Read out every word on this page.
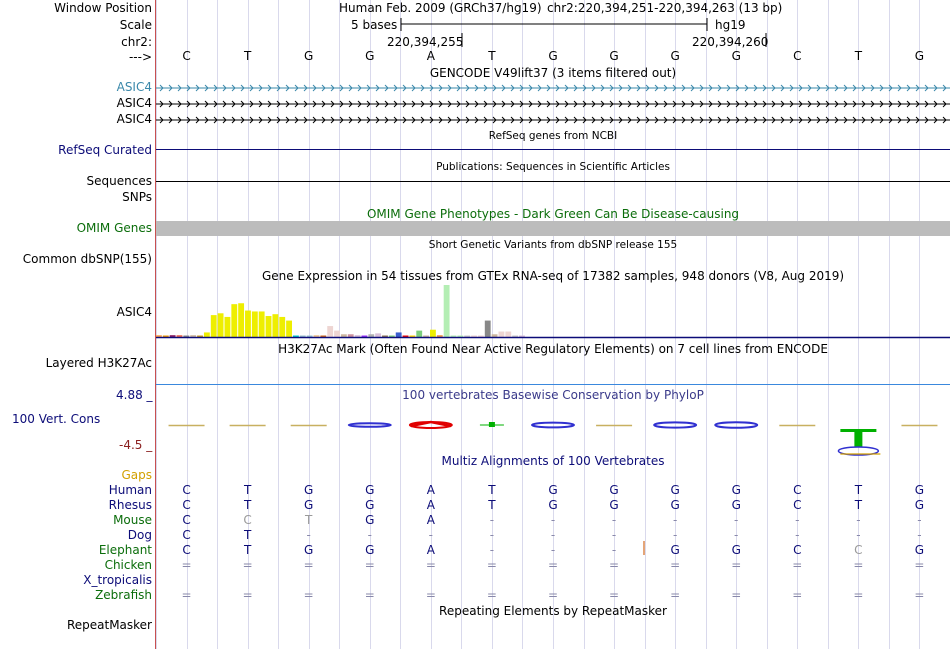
Window Position	Human Feb. 2009 (GRCh37/hg19) chr2:220,394,251-220,394,263 (13 bp)
Scale	5 bases	hg19
chr2:	220,394,255	220,394,260
--->	C	T	G	G	A	T	G	G	G	G	C	T	G
GENCODE V49lift37 (3 items filtered out)
ASIC4
ASIC4
ASIC4
RefSeq genes from NCBI
RefSeq Curated
Publications: Sequences in Scientific Articles
Sequences
SNPs
OMIM Gene Phenotypes - Dark Green Can Be Disease-causing
OMIM Genes
Short Genetic Variants from dbSNP release 155
Common dbSNP(155)
Gene Expression in 54 tissues from GTEx RNA-seq of 17382 samples, 948 donors (V8, Aug 2019)
ASIC4
H3K27Ac Mark (Often Found Near Active Regulatory Elements) on 7 cell lines from ENCODE
Layered H3K27Ac
100 vertebrates Basewise Conservation by PhyloP
4.88 _
100 Vert. Cons
-4.5 _
Multiz Alignments of 100 Vertebrates
Gaps
Human	C	T	G	G	A	T	G	G	G	G	C	T	G
Rhesus	C	T	G	G	A	T	G	G	G	G	C	T	G
Mouse	C	C	T	G	A	-	-	-	-	-	-	-	-
Dog	C	T	-	-	-	-	-	-	-	-	-	-	-
Elephant	C	T	G	G	A	-	-	-	G	G	C	C	G
Chicken	=	=	=	=	=	=	=	=	=	=	=	=	=
X_tropicalis
Zebrafish	=	=	=	=	=	=	=	=	=	=	=	=	=
Repeating Elements by RepeatMasker
RepeatMasker
